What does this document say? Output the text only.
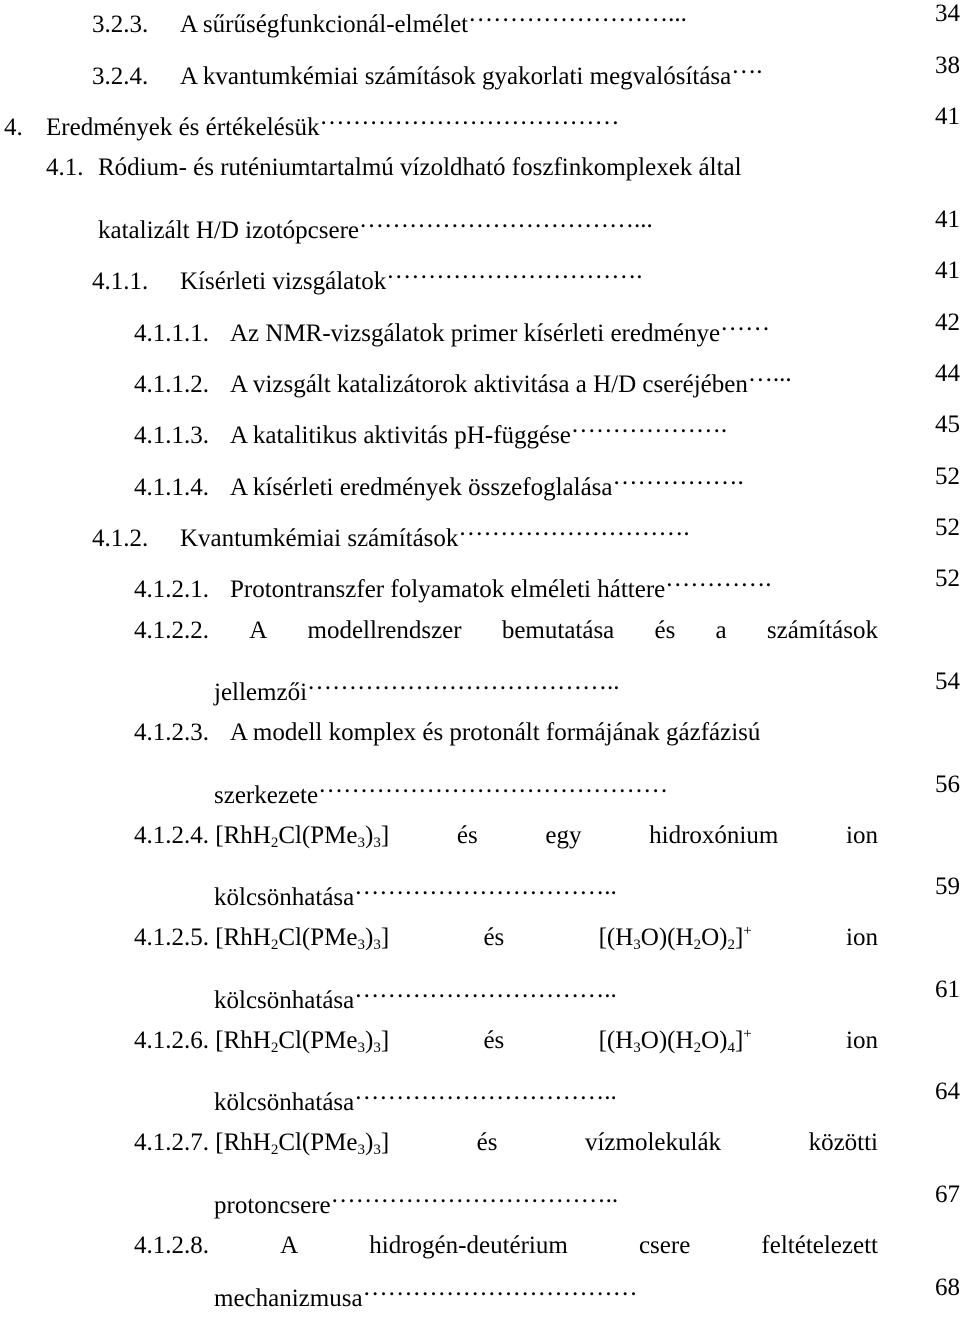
3.2.3. A sűrűségfunkcionál-elmélet……………………...	34
3.2.4. A kvantumkémiai számítások gyakorlati megvalósítása….	38
4. Eredmények és értékelésük………………………………	41
4.1. Ródium- és ruténiumtartalmú vízoldható foszfinkomplexek által
katalizált H/D izotópcsere……………………………...	41
4.1.1. Kísérleti vizsgálatok………………………….	41
4.1.1.1. Az NMR-vizsgálatok primer kísérleti eredménye……	42
4.1.1.2. A vizsgált katalizátorok aktivitása a H/D cseréjében…...	44
4.1.1.3. A katalitikus aktivitás pH-függése……………….	45
4.1.1.4. A kísérleti eredmények összefoglalása…………….	52
4.1.2. Kvantumkémiai számítások……………………….	52
4.1.2.1. Protontranszfer folyamatok elméleti háttere………….	52
4.1.2.2. A modellrendszer bemutatása és a számítások
jellemzői………………………………..	54
4.1.2.3. A modell komplex és protonált formájának gázfázisú
szerkezete……………………………………	56
4.1.2.4. $[RhH_2Cl(PMe_3)_3]$	és	egy	hidroxónium	ion
kölcsönhatása…………………………..	59
4.1.2.5. $[RhH_2Cl(PMe_3)_3]$	és	$[(H_3O)(H_2O)_2]^+$	ion
kölcsönhatása…………………………..	61
4.1.2.6. $[RhH_2Cl(PMe_3)_3]$	és	$[(H_3O)(H_2O)_4]^+$	ion
kölcsönhatása…………………………..	64
4.1.2.7. $[RhH_2Cl(PMe_3)_3]$	és	vízmolekulák	közötti
protoncsere……………………………..	67
4.1.2.8.	A	hidrogén-deutérium	csere	feltételezett
mechanizmusa……………………………	68
